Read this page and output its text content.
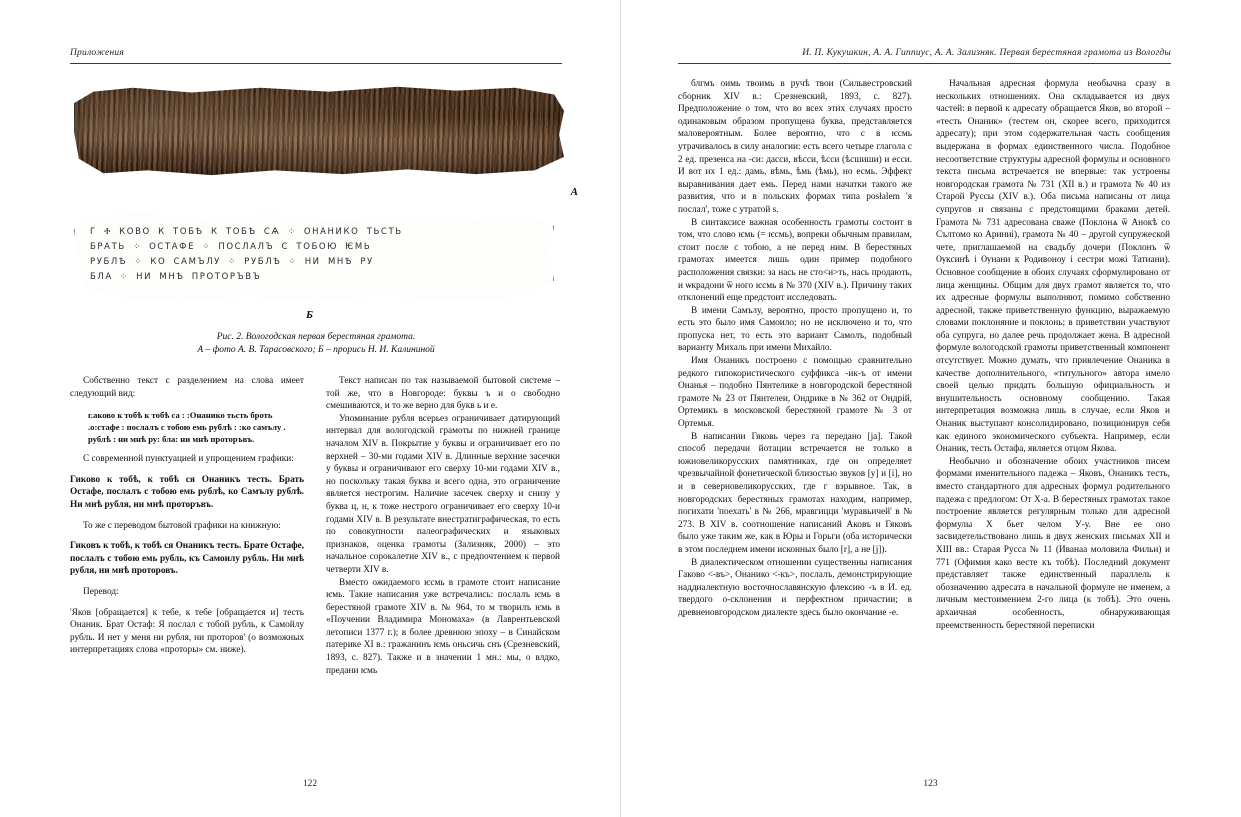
Приложения
А
Г Ⰰ КОВО К ТОБѢ К ТОБѢ СѦ ⁘ ОНАНИКО ТЬСТЬ
БРАТЬ ⁘ ОСТАФЕ ⁘ ПОСЛАЛЪ С ТОБОЮ ѤМЬ
РУБЛѢ ⁘ КО САМЪЛУ ⁘ РУБЛѢ ⁘ НИ МНѢ РУ
БЛА ⁘ НИ МНѢ ПРОТОРЪВЪ
Б
Рис. 2. Вологодская первая берестяная грамота.
А – фото А. В. Тарасовского; Б – прорись Н. И. Калининой

Собственно текст с разделением на слова имеет следующий вид:

г.аково к тобѣ к тобѣ са : :Онанико тьсть броть .о:стафе : послалъ с тобою емь рублѣ : :ко самълу . рублѣ : ни мнѣ ру: бла: ни мнѣ проторъвъ.

С современной пунктуацией и упрощением графики:

Гиково к тобѣ, к тобѣ ся Онаникъ тесть. Брать Остафе, послалъ с тобою емь рублѣ, ко Самълу рублѣ. Ни мнѣ рубля, ни мнѣ проторъвъ.

То же с переводом бытовой графики на книжную:

Гиковъ к тобѣ, к тобѣ ся Онаникъ тесть. Брате Остафе, послалъ с тобою емь рубль, къ Самоилу рубль. Ни мнѣ рубля, ни мнѣ проторовъ.

Перевод:

'Яков [обращается] к тебе, к тебе [обращается и] тесть Онаник. Брат Остаф: Я послал с тобой рубль, к Самойлу рубль. И нет у меня ни рубля, ни проторов' (о возможных интерпретациях слова «проторы» см. ниже).

Текст написан по так называемой бытовой системе – той же, что в Новгороде: буквы ъ и о свободно смешиваются, и то же верно для букв ь и е.

Упоминание рубля всерьез ограничивает датирующий интервал для вологодской грамоты по нижней границе началом XIV в. Покрытие у буквы и ограничивает его по верхней – 30-ми годами XIV в. Длинные верхние засечки у буквы и ограничивают его сверху 10-ми годами XIV в., но поскольку такая буква и всего одна, это ограничение является нестрогим. Наличие засечек сверху и снизу у буква ц, н, к тоже нестрого ограничивает его сверху 10-и годами XIV в. В результате внестратиграфическая, то есть по совокупности палеографических и языковых признаков, оценка грамоты (Зализняк, 2000) – это начальное сорокалетие XIV в., с предпочтением к первой четверти XIV в.

Вместо ожидаемого ѥсмь в грамоте стоит написание ѥмь. Такие написания уже встречались: послалъ ѥмь в берестяной грамоте XIV в. № 964, то м творилъ ѥмь в «Поучении Владимира Мономаха» (в Лаврентьевской летописи 1377 г.); в более древнюю эпоху – в Синайском патерике XI в.: гражанинъ ѥмь оньсичь снъ (Срезневский, 1893, с. 827). Также и в значении 1 мн.: мы, о влдко, предани ѥмь

122
И. П. Кукушкин, А. А. Гиппиус, А. А. Зализняк. Первая берестяная грамота из Вологды

блгмъ оимь твоимь в ручѣ твои (Сильвестровский сборник XIV в.: Срезневский, 1893, с. 827). Предположение о том, что во всех этих случаях просто одинаковым образом пропущена буква, представляется маловероятным. Более вероятно, что с в ѥсмь утрачивалось в силу аналогии: есть всего четыре глагола с 2 ед. презенса на -си: дасси, вѣсси, ѣсси (ѣсшиши) и есси. И вот их 1 ед.: дамь, вѣмь, ѣмь (ѣмь), но есмь. Эффект выравнивания дает емь. Перед нами начатки такого же развития, что и в польских формах типа posłalem 'я послал', тоже с утратой s.

В синтаксисе важная особенность грамоты состоит в том, что слово ѥмь (= ѥсмь), вопреки обычным правилам, стоит после с тобою, а не перед ним. В берестяных грамотах имеется лишь один пример подобного расположения связки: за нась не сто<и>ть, нась продають, и ѡкрадони ѿ ного ѥсмь в № 370 (XIV в.). Причину таких отклонений еще предстоит исследовать.

В имени Самълу, вероятно, просто пропущено и, то есть это было имя Самоилο; но не исключено и то, что пропуска нет, то есть это вариант Самолъ, подобный варианту Михаль при имени Михайло.

Имя Онаникъ построено с помощью сравнительно редкого гипокористического суффикса -ик-ъ от имени Онанья – подобно Пянтелике в новгородской берестяной грамоте № 23 от Пянтелеи, Ондрике в № 362 от Ондрiй, Ортемикъ в московской берестяной грамоте № 3 от Ортемья.

В написании Гяковь через га передано [ја]. Такой способ передачи йотации встречается не только в южновеликорусских памятниках, где он определяет чрезвычайной фонетической близостью звуков [у] и [i], но и в северновеликорусских, где г взрывное. Так, в новгородских берестяных грамотах находим, например, погихати 'поехать' в № 266, мравгицци 'муравьичей' в № 273. В XIV в. соотношение написаний Аковъ и Гяковъ было уже таким же, как в Юры и Горьги (оба исторически в этом последнем имени исконных было [r], а не [j]).

В диалектическом отношении существенны написания Гаково <-въ>, Онанико <-къ>, послалъ, демонстрирующие наддиалектную восточнославянскую флексию -ъ в И. ед. твердого о-склонения и перфектном причастии; в древненовгородском диалекте здесь было окончание -е.

Начальная адресная формула необычна сразу в нескольких отношениях. Она складывается из двух частей: в первой к адресату обращается Яков, во второй – «тесть Онаник» (тестем он, скорее всего, приходится адресату); при этом содержательная часть сообщения выдержана в формах единственного числа. Подобное несоответствие структуры адресной формулы и основного текста письма встречается не впервые: так устроены новгородская грамота № 731 (XII в.) и грамота № 40 из Старой Руссы (XIV в.). Оба письма написаны от лица супругов и связаны с предстоящими браками детей. Грамота № 731 адресована сваже (Поклонѧ ѿ Анокѣ со Сълтомо ко Ариниi), грамота № 40 – другой супружеской чете, приглашаемой на свадьбу дочери (Поклонъ ѿ Ѹксинѣ i Ѹнани к Родивоноу i сестри можi Татиани). Основное сообщение в обоих случаях сформулировано от лица женщины. Общим для двух грамот является то, что их адресные формулы выполняют, помимо собственно адресной, также приветственную функцию, выражаемую словами поклоняние и поклонь; в приветствии участвуют оба супруга, но далее речь продолжает жена. В адресной формуле вологодской грамоты приветственный компонент отсутствует. Можно думать, что привлечение Онаника в качестве дополнительного, «титульного» автора имело своей целью придать большую официальность и внушительность основному сообщению. Такая интерпретация возможна лишь в случае, если Яков и Онаник выступают консолидировано, позиционируя себя как единого экономического субъекта. Например, если Онаник, тесть Остафа, является отцом Якова.

Необычно и обозначение обоих участников писем формами именительного падежа – Яковъ, Онаникъ тесть, вместо стандартного для адресных формул родительного падежа с предлогом: От Х-а. В берестяных грамотах такое построение является регулярным только для адресной формулы Х бьет челом У-у. Вне ее оно засвидетельствовано лишь в двух женских письмах XII и XIII вв.: Старая Русса № 11 (Иванаа моловила Фильи) и 771 (Офимия како весте къ тобѣ). Последний документ представляет также единственный параллель к обозначению адресата в начальной формуле не именем, а личным местоимением 2-го лица (к тобѣ). Это очень архаичная особенность, обнаруживающая преемственность берестяной переписки

123
